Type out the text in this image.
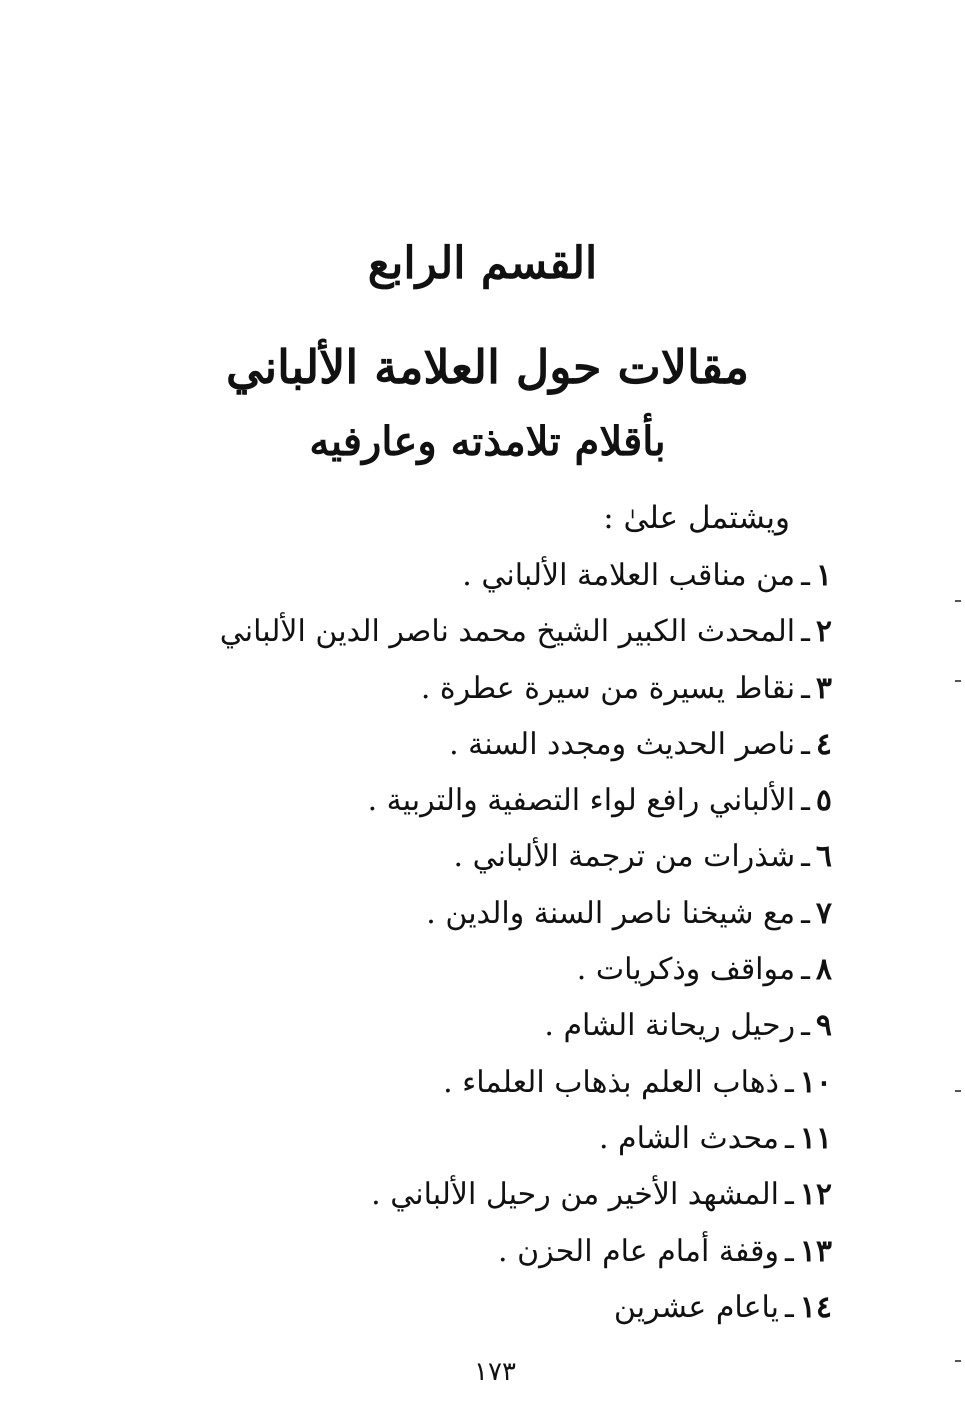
القسم الرابع
مقالات حول العلامة الألباني
بأقلام تلامذته وعارفيه
ويشتمل علىٰ :
١ـمن مناقب العلامة الألباني .
٢ـالمحدث الكبير الشيخ محمد ناصر الدين الألباني
٣ـنقاط يسيرة من سيرة عطرة .
٤ـناصر الحديث ومجدد السنة .
٥ـالألباني رافع لواء التصفية والتربية .
٦ـشذرات من ترجمة الألباني .
٧ـمع شيخنا ناصر السنة والدين .
٨ـمواقف وذكريات .
٩ـرحيل ريحانة الشام .
١٠ـذهاب العلم بذهاب العلماء .
١١ـمحدث الشام .
١٢ـالمشهد الأخير من رحيل الألباني .
١٣ـوقفة أمام عام الحزن .
١٤ـياعام عشرين
١٧٣
